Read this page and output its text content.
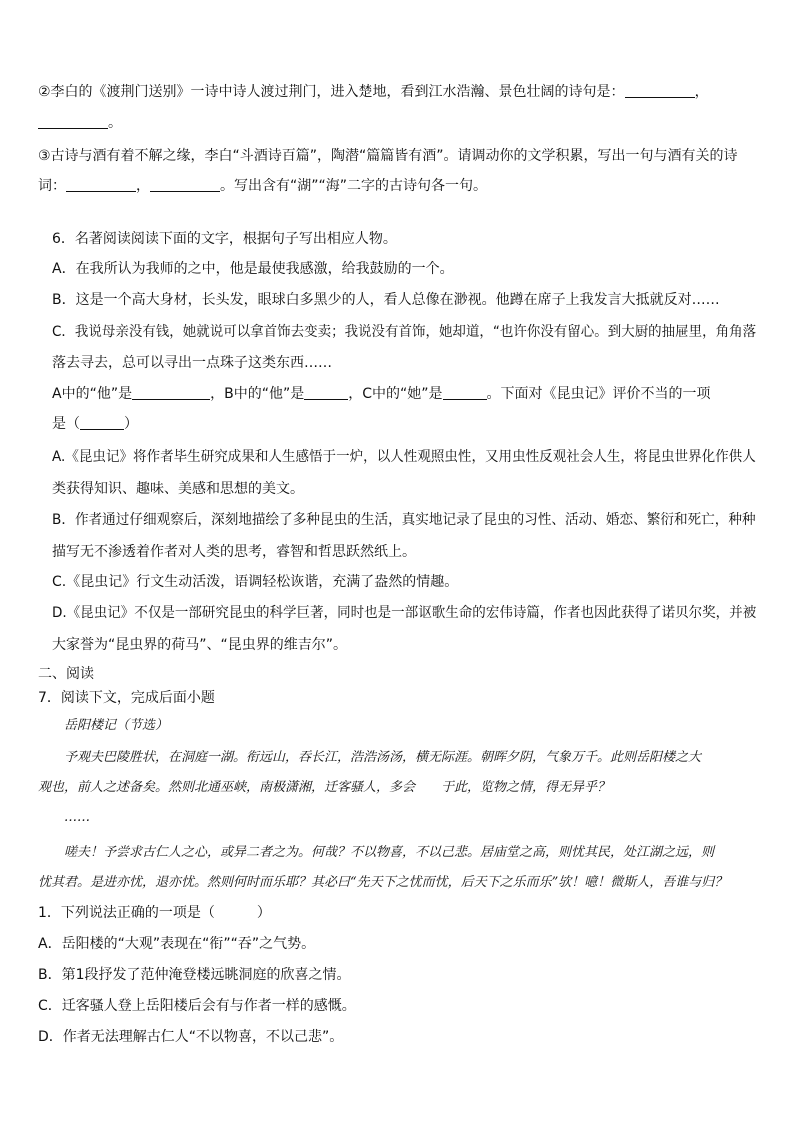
②李白的《渡荆门送别》一诗中诗人渡过荆门，进入楚地，看到江水浩瀚、景色壮阔的诗句是：	，
。
③古诗与酒有着不解之缘，李白“斗酒诗百篇”，陶潜“篇篇皆有酒”。请调动你的文学积累，写出一句与酒有关的诗
词：	，	。写出含有“湖”“海”二字的古诗句各一句。
6．名著阅读阅读下面的文字，根据句子写出相应人物。
A．在我所认为我师的之中，他是最使我感激，给我鼓励的一个。
B．这是一个高大身材，长头发，眼球白多黑少的人，看人总像在渺视。他蹲在席子上我发言大抵就反对……
C．我说母亲没有钱，她就说可以拿首饰去变卖；我说没有首饰，她却道，“也许你没有留心。到大厨的抽屉里，角角落
落去寻去，总可以寻出一点珠子这类东西……
A中的“他”是	，B中的“他”是	，C中的“她”是	。下面对《昆虫记》评价不当的一项
是（	）
A.《昆虫记》将作者毕生研究成果和人生感悟于一炉，以人性观照虫性，又用虫性反观社会人生，将昆虫世界化作供人
类获得知识、趣味、美感和思想的美文。
B．作者通过仔细观察后，深刻地描绘了多种昆虫的生活，真实地记录了昆虫的习性、活动、婚恋、繁衍和死亡，种种
描写无不渗透着作者对人类的思考，睿智和哲思跃然纸上。
C.《昆虫记》行文生动活泼，语调轻松诙谐，充满了盎然的情趣。
D.《昆虫记》不仅是一部研究昆虫的科学巨著，同时也是一部讴歌生命的宏伟诗篇，作者也因此获得了诺贝尔奖，并被
大家誉为“昆虫界的荷马”、“昆虫界的维吉尔”。
二、阅读
7．阅读下文，完成后面小题
岳阳楼记（节选）
予观夫巴陵胜状，在洞庭一湖。衔远山，吞长江，浩浩汤汤，横无际涯。朝晖夕阴，气象万千。此则岳阳楼之大
观也，前人之述备矣。然则北通巫峡，南极潇湘，迁客骚人，多会　　于此，览物之情，得无异乎？
……
嗟夫！予尝求古仁人之心，或异二者之为。何哉？不以物喜，不以己悲。居庙堂之高，则忧其民，处江湖之远，则
忧其君。是进亦忧，退亦忧。然则何时而乐耶？其必曰“先天下之忧而忧，后天下之乐而乐”欤！噫！微斯人，吾谁与归？
1．下列说法正确的一项是（　　　）
A．岳阳楼的“大观”表现在“衔”“吞”之气势。
B．第1段抒发了范仲淹登楼远眺洞庭的欣喜之情。
C．迁客骚人登上岳阳楼后会有与作者一样的感慨。
D．作者无法理解古仁人“不以物喜，不以己悲”。
